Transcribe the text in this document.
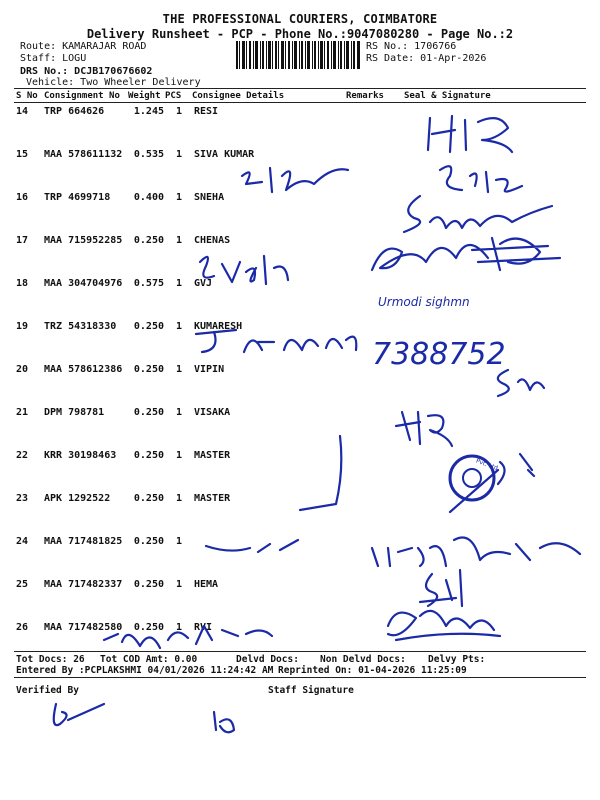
THE PROFESSIONAL COURIERS, COIMBATORE
Delivery Runsheet - PCP - Phone No.:9047080280 - Page No.:2
Route: KAMARAJAR ROAD
Staff: LOGU
DRS No.: DCJB170676602
Vehicle: Two Wheeler Delivery
RS No.: 1706766
RS Date: 01-Apr-2026
S No Consignment No Weight PCS Consignee Details	Remarks Seal & Signature
14 TRP 664626	1.245 1 RESI
15 MAA 578611132	0.535 1 SIVA KUMAR
16 TRP 4699718	0.400 1 SNEHA
17 MAA 715952285	0.250 1 CHENAS
18 MAA 304704976	0.575 1 GVJ
19 TRZ 54318330	0.250 1 KUMARESH
20 MAA 578612386	0.250 1 VIPIN
21 DPM 798781	0.250 1 VISAKA
22 KRR 30198463	0.250 1 MASTER
23 APK 1292522	0.250 1 MASTER
24 MAA 717481825	0.250 1
25 MAA 717482337	0.250 1 HEMA
26 MAA 717482580	0.250 1 RVI
Tot Docs: 26 Tot COD Amt: 0.00	Delvd Docs: Non Delvd Docs: Delvy Pts:
Entered By :PCPLAKSHMI 04/01/2026 11:24:42 AM Reprinted On: 01-04-2026 11:25:09
Verified By	Staff Signature
Urmodi sighmn
7388752
Pvt. Ltd
